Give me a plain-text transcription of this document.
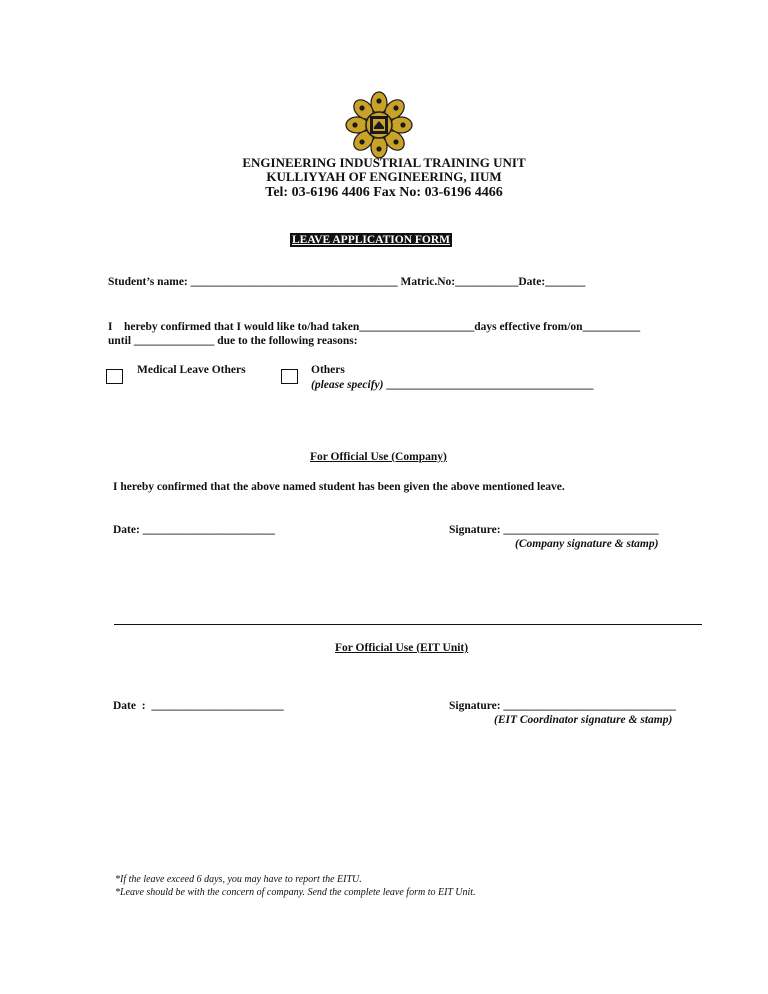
ENGINEERING INDUSTRIAL TRAINING UNIT
KULLIYYAH OF ENGINEERING, IIUM
Tel: 03-6196 4406 Fax No: 03-6196 4466
LEAVE APPLICATION FORM
Student’s name: ____________________________________ Matric.No:___________Date:_______
I    hereby confirmed that I would like to/had taken____________________days effective from/on__________
until ______________ due to the following reasons:
Medical Leave Others	Others
(please specify) ____________________________________
For Official Use (Company)
I hereby confirmed that the above named student has been given the above mentioned leave.
Date: _______________________	Signature: ___________________________
(Company signature & stamp)
For Official Use (EIT Unit)
Date  :  _______________________	Signature: ______________________________
(EIT Coordinator signature & stamp)
*If the leave exceed 6 days, you may have to report the EITU.
*Leave should be with the concern of company. Send the complete leave form to EIT Unit.
